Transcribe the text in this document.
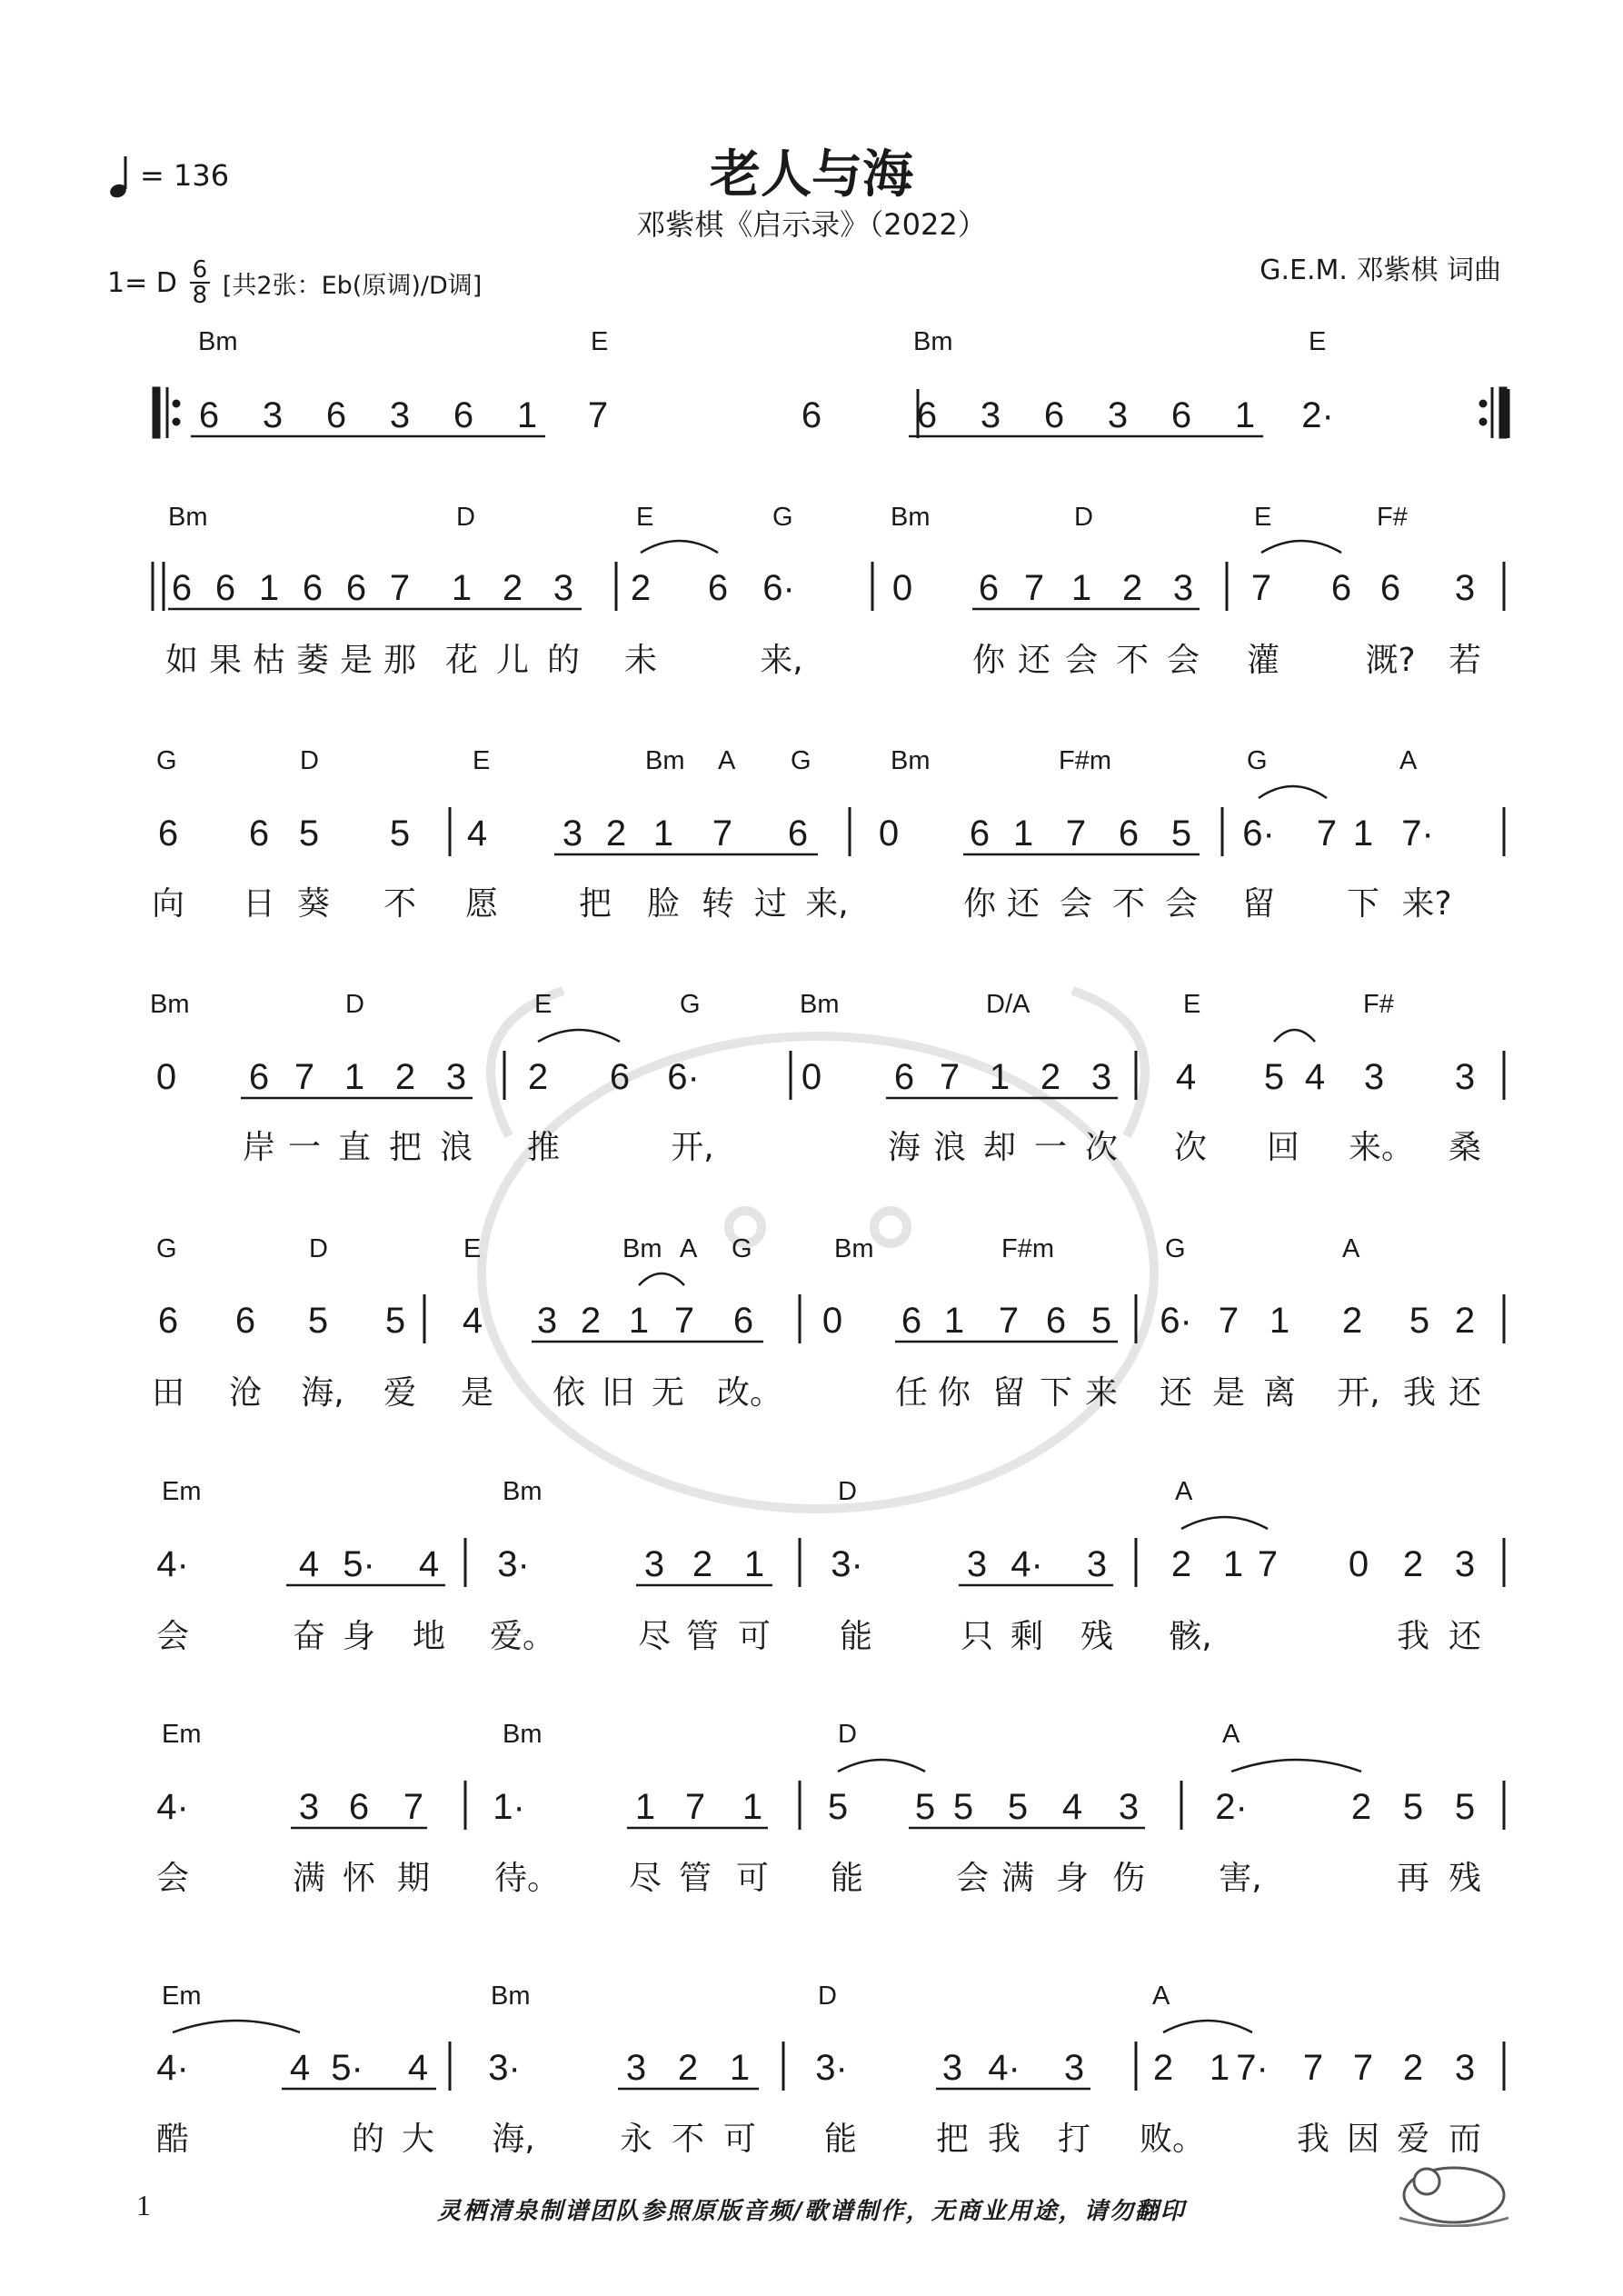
= 136	老人与海
邓紫棋《启示录》（2022）
1= D $\frac{6}{8}$ [共2张：Eb(原调)/D调]	G.E.M. 邓紫棋 词曲
Bm	E	Bm	E
Bm	D	E	G	Bm	D	E	F#
G	D	E	Bm A G	Bm	F#m	G	A
Bm	D	E	G	Bm	D/A	E	F#
G	D	E	Bm A G	Bm	F#m	G	A
Em	Bm	D	A
Em	Bm	D	A
Em	Bm	D	A
6 3 6 3 6 1 7	6	6 3 6 3 6 1 2·
6 6 1 6 6 7 1 2 3 2 6 6·	0 6 7 1 2 3 7 6 6 3
6 6 5 5 4 3 2 1 7 6 0 6 1 7 6 5 6· 7 1 7·
0 6 7 1 2 3 2 6 6·	0 6 7 1 2 3 4 5 4 3 3
6 6 5 5 4 3 2 1 7 6 0 6 1 7 6 5 6· 7 1 2 5 2
4·	4 5· 4 3·	3 2 1 3·	3 4· 3 2 1 7 0 2 3
4·	3 6 7 1·	1 7 1 5 5 5 5 4 3 2·	2 5 5
4·	4 5· 4 3·	3 2 1 3·	3 4· 3 2 1 7· 7 7 2 3
如 果 枯 萎 是 那 花 儿 的 未	来,	你 还 会 不 会 灌	溉? 若
向 日 葵 不 愿 把 脸 转 过 来,	你 还 会 不 会 留 下 来?
岸 一 直 把 浪 推	开,	海 浪 却 一 次 次 回 来。 桑
田 沧 海, 爱 是 依 旧 无 改。	任 你 留 下 来 还 是 离 开, 我 还
会	奋 身 地 爱。	尽 管 可 能	只 剩 残 骸,	我 还
会	满 怀 期 待。 尽 管 可 能	会 满 身 伤 害,	再 残
酷	的 大 海,	永 不 可 能 把 我 打 败。	我 因 爱 而
1	灵栖清泉制谱团队参照原版音频/歌谱制作，无商业用途，请勿翻印
